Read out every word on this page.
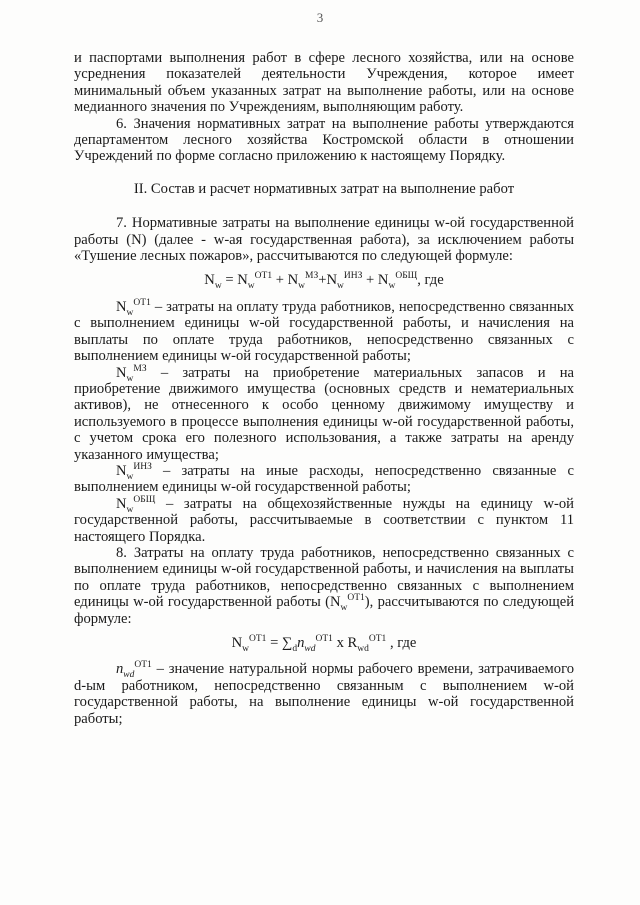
3

и паспортами выполнения работ в сфере лесного хозяйства, или на основе усреднения показателей деятельности Учреждения, которое имеет минимальный объем указанных затрат на выполнение работы, или на основе медианного значения по Учреждениям, выполняющим работу.

6. Значения нормативных затрат на выполнение работы утверждаются департаментом лесного хозяйства Костромской области в отношении Учреждений по форме согласно приложению к настоящему Порядку.

II. Состав и расчет нормативных затрат на выполнение работ

7. Нормативные затраты на выполнение единицы w-ой государственной работы (N) (далее - w-ая государственная работа), за исключением работы «Тушение лесных пожаров», рассчитываются по следующей формуле:

$N_w = N_w^{ОТ1} + N_w^{МЗ}+N_w^{ИНЗ} + N_w^{ОБЩ}$, где

$N_w^{ОТ1}$ – затраты на оплату труда работников, непосредственно связанных с выполнением единицы w-ой государственной работы, и начисления на выплаты по оплате труда работников, непосредственно связанных с выполнением единицы w-ой государственной работы;

$N_w^{МЗ}$ – затраты на приобретение материальных запасов и на приобретение движимого имущества (основных средств и нематериальных активов), не отнесенного к особо ценному движимому имуществу и используемого в процессе выполнения единицы w-ой государственной работы, с учетом срока его полезного использования, а также затраты на аренду указанного имущества;

$N_w^{ИНЗ}$ – затраты на иные расходы, непосредственно связанные с выполнением единицы w-ой государственной работы;

$N_w^{ОБЩ}$ – затраты на общехозяйственные нужды на единицу w-ой государственной работы, рассчитываемые в соответствии с пунктом 11 настоящего Порядка.

8. Затраты на оплату труда работников, непосредственно связанных с выполнением единицы w-ой государственной работы, и начисления на выплаты по оплате труда работников, непосредственно связанных с выполнением единицы w-ой государственной работы $(N_w^{ОТ1})$, рассчитываются по следующей формуле:

$N_w^{ОТ1} = \sum_dn_{wd}^{ОТ1}$ x $R_{wd}^{ОТ1}$ , где

$n_{wd}^{ОТ1}$ – значение натуральной нормы рабочего времени, затрачиваемого d-ым работником, непосредственно связанным с выполнением w-ой государственной работы, на выполнение единицы w-ой государственной работы;
